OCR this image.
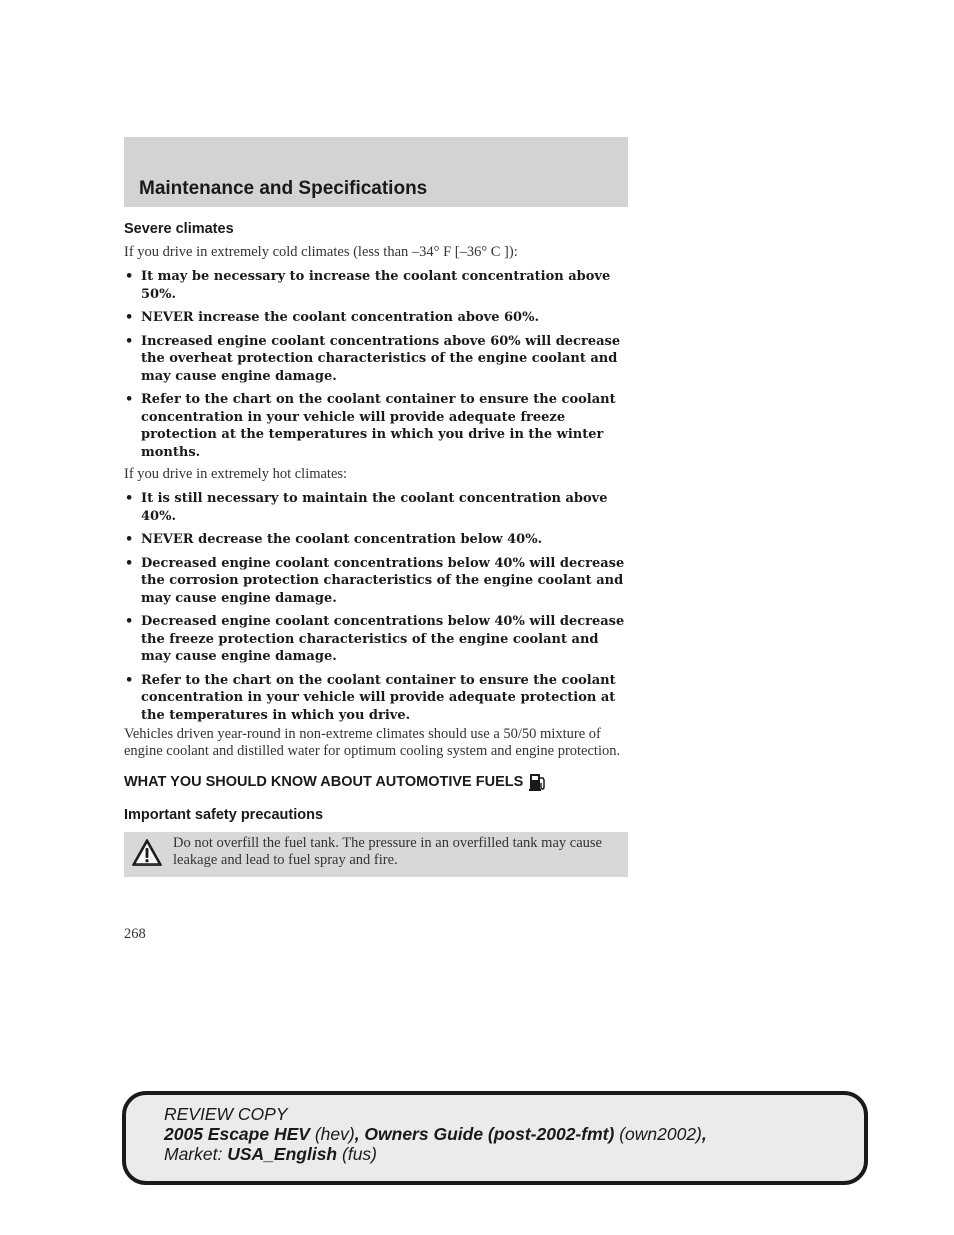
Maintenance and Specifications
Severe climates
If you drive in extremely cold climates (less than –34° F [–36° C ]):
• It may be necessary to increase the coolant concentration above 50%.
• NEVER increase the coolant concentration above 60%.
• Increased engine coolant concentrations above 60% will decrease the overheat protection characteristics of the engine coolant and may cause engine damage.
• Refer to the chart on the coolant container to ensure the coolant concentration in your vehicle will provide adequate freeze protection at the temperatures in which you drive in the winter months.
If you drive in extremely hot climates:
• It is still necessary to maintain the coolant concentration above 40%.
• NEVER decrease the coolant concentration below 40%.
• Decreased engine coolant concentrations below 40% will decrease the corrosion protection characteristics of the engine coolant and may cause engine damage.
• Decreased engine coolant concentrations below 40% will decrease the freeze protection characteristics of the engine coolant and may cause engine damage.
• Refer to the chart on the coolant container to ensure the coolant concentration in your vehicle will provide adequate protection at the temperatures in which you drive.
Vehicles driven year-round in non-extreme climates should use a 50/50 mixture of engine coolant and distilled water for optimum cooling system and engine protection.
WHAT YOU SHOULD KNOW ABOUT AUTOMOTIVE FUELS
Important safety precautions
Do not overfill the fuel tank. The pressure in an overfilled tank may cause leakage and lead to fuel spray and fire.
268
REVIEW COPY
2005 Escape HEV (hev), Owners Guide (post-2002-fmt) (own2002),
Market: USA_English (fus)
